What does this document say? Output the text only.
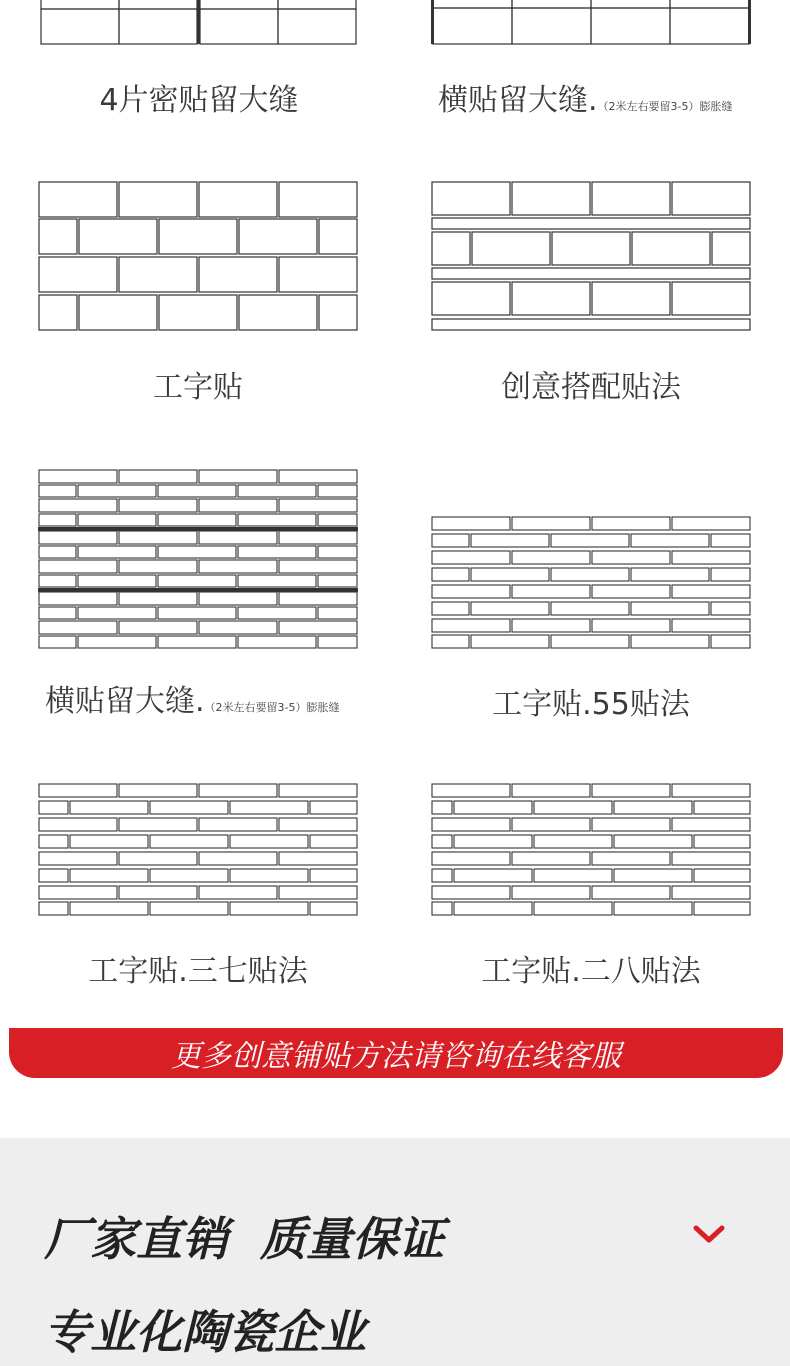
4片密贴留大缝	横贴留大缝.（2米左右要留3-5）膨胀缝
工字贴	创意搭配贴法
横贴留大缝.（2米左右要留3-5）膨胀缝	工字贴.55贴法
工字贴.三七贴法	工字贴.二八贴法
更多创意铺贴方法请咨询在线客服
厂家直销  质量保证
专业化陶瓷企业
